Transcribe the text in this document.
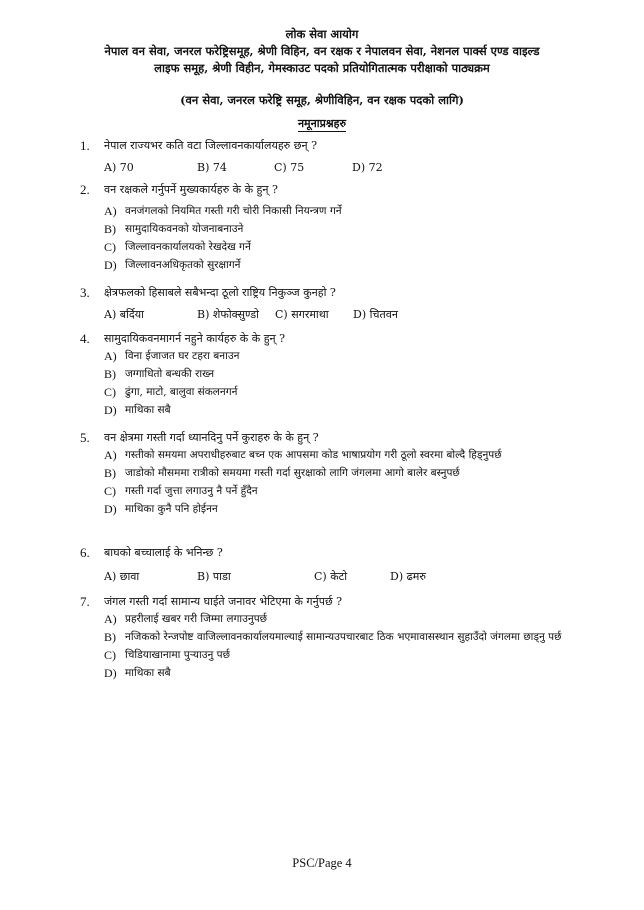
लोक सेवा आयोग
नेपाल वन सेवा, जनरल फरेष्ट्रिसमूह, श्रेणी विहिन, वन रक्षक र नेपालवन सेवा, नेशनल पार्क्स एण्ड वाइल्ड
लाइफ समूह, श्रेणी विहीन, गेमस्काउट पदको प्रतियोगितात्मक परीक्षाको पाठ्यक्रम
(वन सेवा, जनरल फरेष्ट्रि समूह, श्रेणीविहिन, वन रक्षक पदको लागि)
नमूनाप्रश्नहरु
1. नेपाल राज्यभर कति वटा जिल्लावनकार्यालयहरु छन् ?
A) 70	B) 74	C) 75	D) 72
2. वन रक्षकले गर्नुपर्ने मुख्यकार्यहरु के के हुन् ?
A) वनजंगलको नियमित गस्ती गरी चोरी निकासी नियन्त्रण गर्ने
B) सामुदायिकवनको योजनाबनाउने
C) जिल्लावनकार्यालयको रेखदेख गर्ने
D) जिल्लावनअधिकृतको सुरक्षागर्ने
3. क्षेत्रफलको हिसाबले सबैभन्दा ठूलो राष्ट्रिय निकुञ्ज कुनहो ?
A) बर्दिया	B) शेफोक्सुण्डो C) सगरमाथा D) चितवन
4. सामुदायिकवनमागर्न नहुने कार्यहरु के के हुन् ?
A) विना ईजाजत घर टहरा बनाउन
B) जग्गाधितो बन्धकी राख्न
C) ढुंगा, माटो, बालुवा संकलनगर्न
D) माथिका सबै
5. वन क्षेत्रमा गस्ती गर्दा ध्यानदिनु पर्ने कुराहरु के के हुन् ?
A) गस्तीको समयमा अपराधीहरुबाट बच्न एक आपसमा कोड भाषाप्रयोग गरी ठूलो स्वरमा बोल्दै हिड्नुपर्छ
B) जाडोको मौसममा रात्रीको समयमा गस्ती गर्दा सुरक्षाको लागि जंगलमा आगो बालेर बस्नुपर्छ
C) गस्ती गर्दा जुत्ता लगाउनु नै पर्ने हुँदैन
D) माथिका कुनै पनि होईनन
6. बाघको बच्चालाई के भनिन्छ ?
A) छावा	B) पाडा	C) केटो	D) ढमरु
7. जंगल गस्ती गर्दा सामान्य घाईते जनावर भेटिएमा के गर्नुपर्छ ?
A) प्रहरीलाई खबर गरी जिम्मा लगाउनुपर्छ
B) नजिकको रेन्जपोष्ट वाजिल्लावनकार्यालयमाल्याई सामान्यउपचारबाट ठिक भएमावासस्थान सुहाउँदो जंगलमा छाड्नु पर्छ
C) चिडियाखानामा पुर्‍याउनु पर्छ
D) माथिका सबै
PSC/Page 4
